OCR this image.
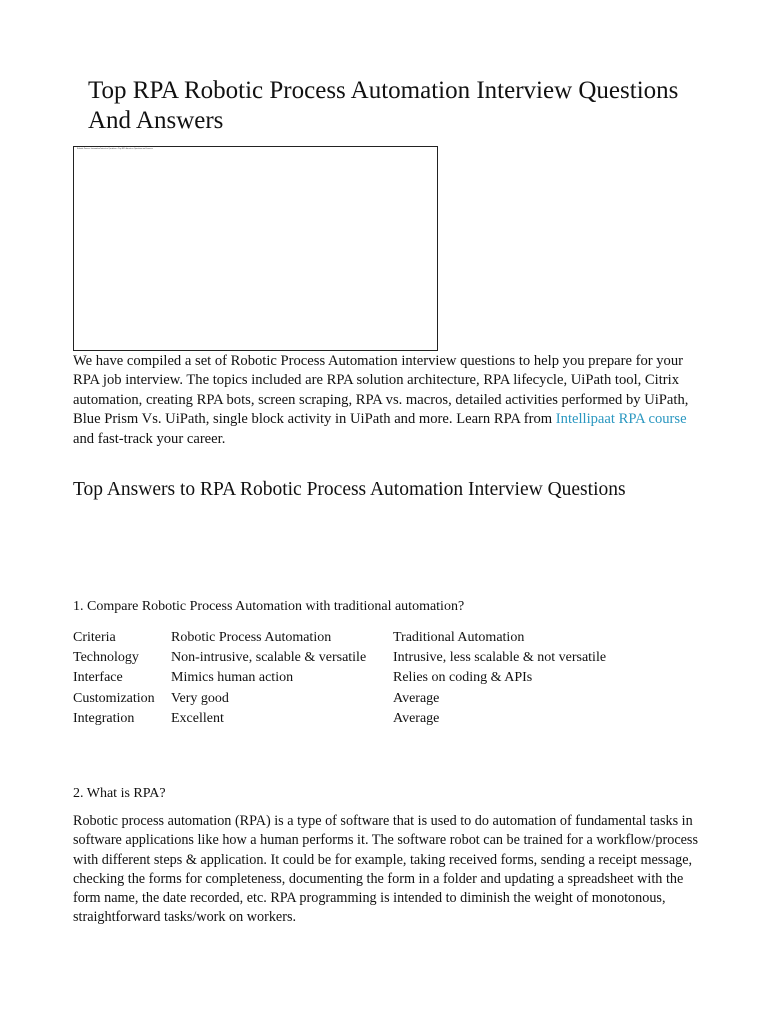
Top RPA Robotic Process Automation Interview Questions And Answers
Robotic Process Automation Interview Questions - Top RPA Interview Questions and Answers

We have compiled a set of Robotic Process Automation interview questions to help you prepare for your RPA job interview. The topics included are RPA solution architecture, RPA lifecycle, UiPath tool, Citrix automation, creating RPA bots, screen scraping, RPA vs. macros, detailed activities performed by UiPath, Blue Prism Vs. UiPath, single block activity in UiPath and more. Learn RPA from Intellipaat RPA course and fast-track your career.

Top Answers to RPA Robotic Process Automation Interview Questions

1. Compare Robotic Process Automation with traditional automation?

Criteria	Robotic Process Automation	Traditional Automation
Technology	Non-intrusive, scalable & versatile	Intrusive, less scalable & not versatile
Interface	Mimics human action	Relies on coding & APIs
Customization	Very good	Average
Integration	Excellent	Average

2. What is RPA?

Robotic process automation (RPA) is a type of software that is used to do automation of fundamental tasks in software applications like how a human performs it. The software robot can be trained for a workflow/process with different steps & application. It could be for example, taking received forms, sending a receipt message, checking the forms for completeness, documenting the form in a folder and updating a spreadsheet with the form name, the date recorded, etc. RPA programming is intended to diminish the weight of monotonous, straightforward tasks/work on workers.
